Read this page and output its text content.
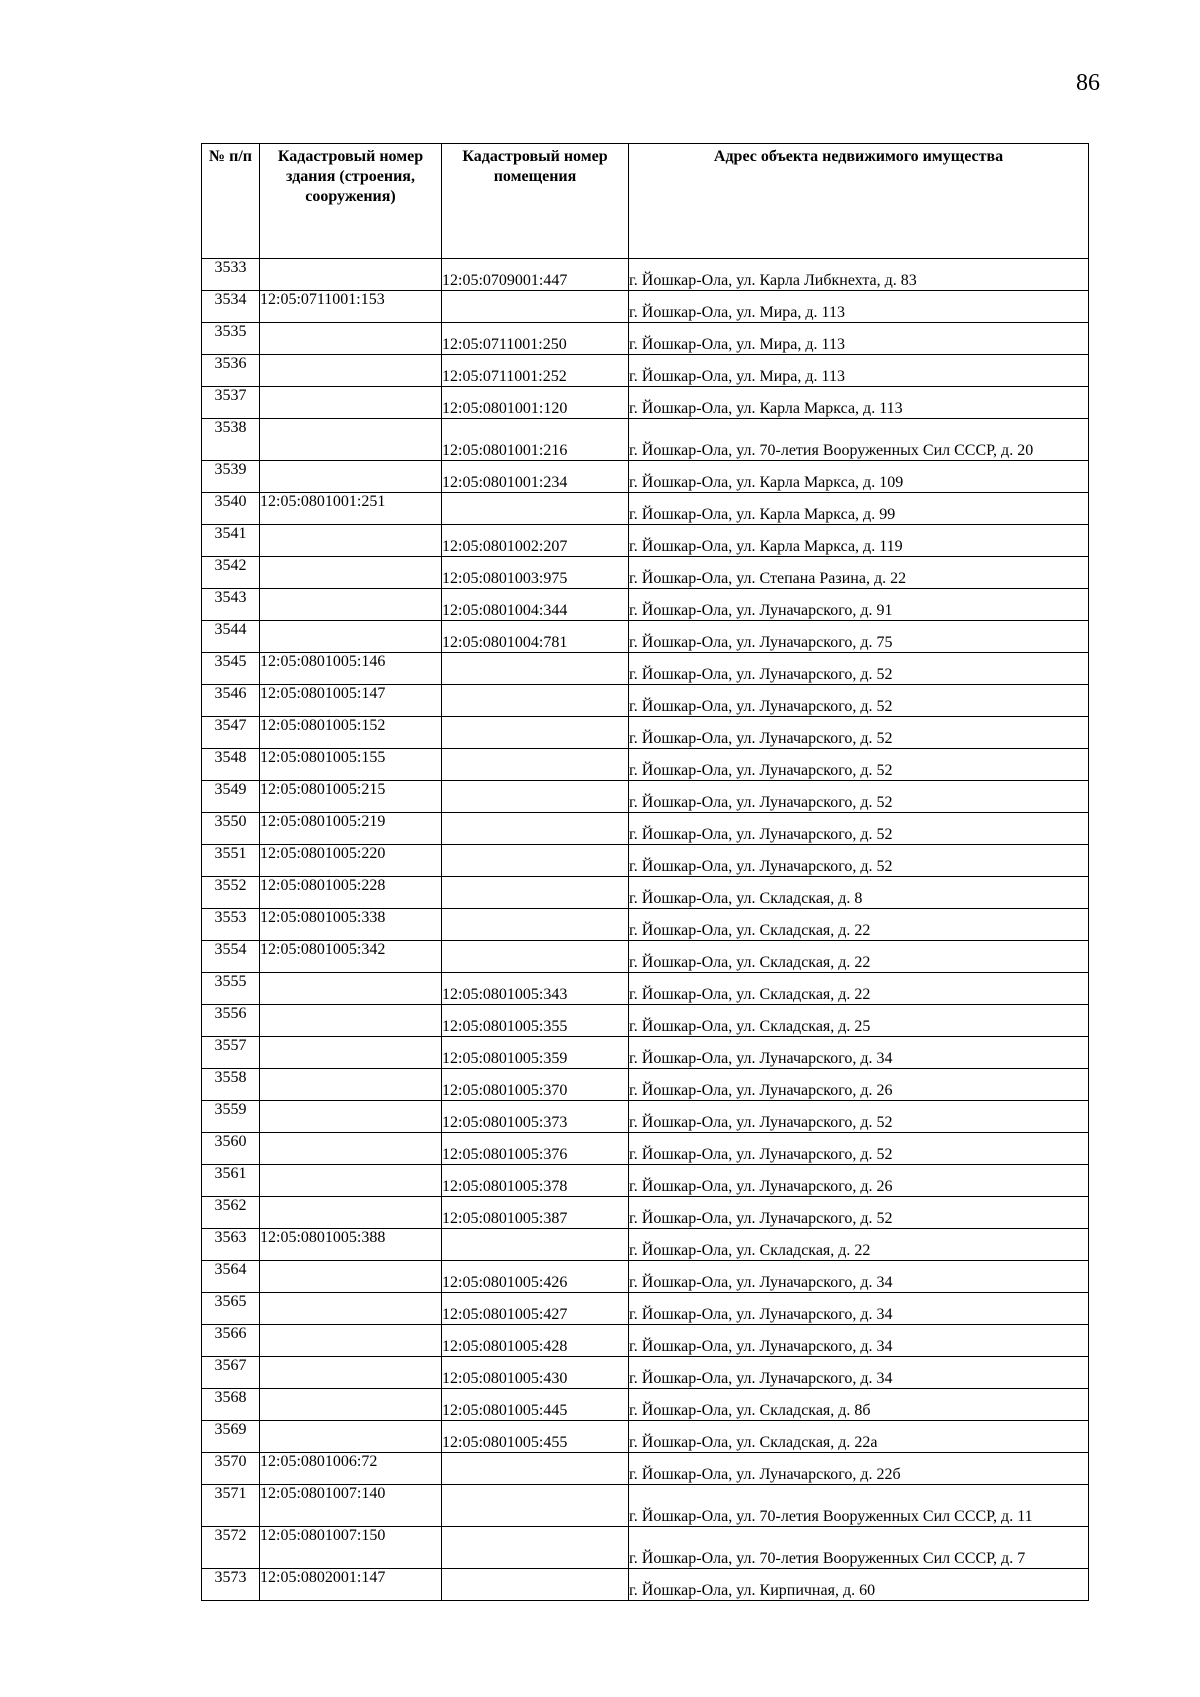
86
№ п/п	Кадастровый номер здания (строения, сооружения)	Кадастровый номер помещения	Адрес объекта недвижимого имущества

3533		12:05:0709001:447	г. Йошкар-Ола, ул. Карла Либкнехта, д. 83

3534	12:05:0711001:153		г. Йошкар-Ола, ул. Мира, д. 113

3535		12:05:0711001:250	г. Йошкар-Ола, ул. Мира, д. 113

3536		12:05:0711001:252	г. Йошкар-Ола, ул. Мира, д. 113

3537		12:05:0801001:120	г. Йошкар-Ола, ул. Карла Маркса, д. 113

3538		12:05:0801001:216	г. Йошкар-Ола, ул. 70-летия Вооруженных Сил СССР, д. 20

3539		12:05:0801001:234	г. Йошкар-Ола, ул. Карла Маркса, д. 109

3540	12:05:0801001:251		г. Йошкар-Ола, ул. Карла Маркса, д. 99

3541		12:05:0801002:207	г. Йошкар-Ола, ул. Карла Маркса, д. 119

3542		12:05:0801003:975	г. Йошкар-Ола, ул. Степана Разина, д. 22

3543		12:05:0801004:344	г. Йошкар-Ола, ул. Луначарского, д. 91

3544		12:05:0801004:781	г. Йошкар-Ола, ул. Луначарского, д. 75

3545	12:05:0801005:146		г. Йошкар-Ола, ул. Луначарского, д. 52

3546	12:05:0801005:147		г. Йошкар-Ола, ул. Луначарского, д. 52

3547	12:05:0801005:152		г. Йошкар-Ола, ул. Луначарского, д. 52

3548	12:05:0801005:155		г. Йошкар-Ола, ул. Луначарского, д. 52

3549	12:05:0801005:215		г. Йошкар-Ола, ул. Луначарского, д. 52

3550	12:05:0801005:219		г. Йошкар-Ола, ул. Луначарского, д. 52

3551	12:05:0801005:220		г. Йошкар-Ола, ул. Луначарского, д. 52

3552	12:05:0801005:228		г. Йошкар-Ола, ул. Складская, д. 8

3553	12:05:0801005:338		г. Йошкар-Ола, ул. Складская, д. 22

3554	12:05:0801005:342		г. Йошкар-Ола, ул. Складская, д. 22

3555		12:05:0801005:343	г. Йошкар-Ола, ул. Складская, д. 22

3556		12:05:0801005:355	г. Йошкар-Ола, ул. Складская, д. 25

3557		12:05:0801005:359	г. Йошкар-Ола, ул. Луначарского, д. 34

3558		12:05:0801005:370	г. Йошкар-Ола, ул. Луначарского, д. 26

3559		12:05:0801005:373	г. Йошкар-Ола, ул. Луначарского, д. 52

3560		12:05:0801005:376	г. Йошкар-Ола, ул. Луначарского, д. 52

3561		12:05:0801005:378	г. Йошкар-Ола, ул. Луначарского, д. 26

3562		12:05:0801005:387	г. Йошкар-Ола, ул. Луначарского, д. 52

3563	12:05:0801005:388		г. Йошкар-Ола, ул. Складская, д. 22

3564		12:05:0801005:426	г. Йошкар-Ола, ул. Луначарского, д. 34

3565		12:05:0801005:427	г. Йошкар-Ола, ул. Луначарского, д. 34

3566		12:05:0801005:428	г. Йошкар-Ола, ул. Луначарского, д. 34

3567		12:05:0801005:430	г. Йошкар-Ола, ул. Луначарского, д. 34

3568		12:05:0801005:445	г. Йошкар-Ола, ул. Складская, д. 8б

3569		12:05:0801005:455	г. Йошкар-Ола, ул. Складская, д. 22а

3570	12:05:0801006:72		г. Йошкар-Ола, ул. Луначарского, д. 22б

3571	12:05:0801007:140		г. Йошкар-Ола, ул. 70-летия Вооруженных Сил СССР, д. 11

3572	12:05:0801007:150		г. Йошкар-Ола, ул. 70-летия Вооруженных Сил СССР, д. 7

3573	12:05:0802001:147		г. Йошкар-Ола, ул. Кирпичная, д. 60
